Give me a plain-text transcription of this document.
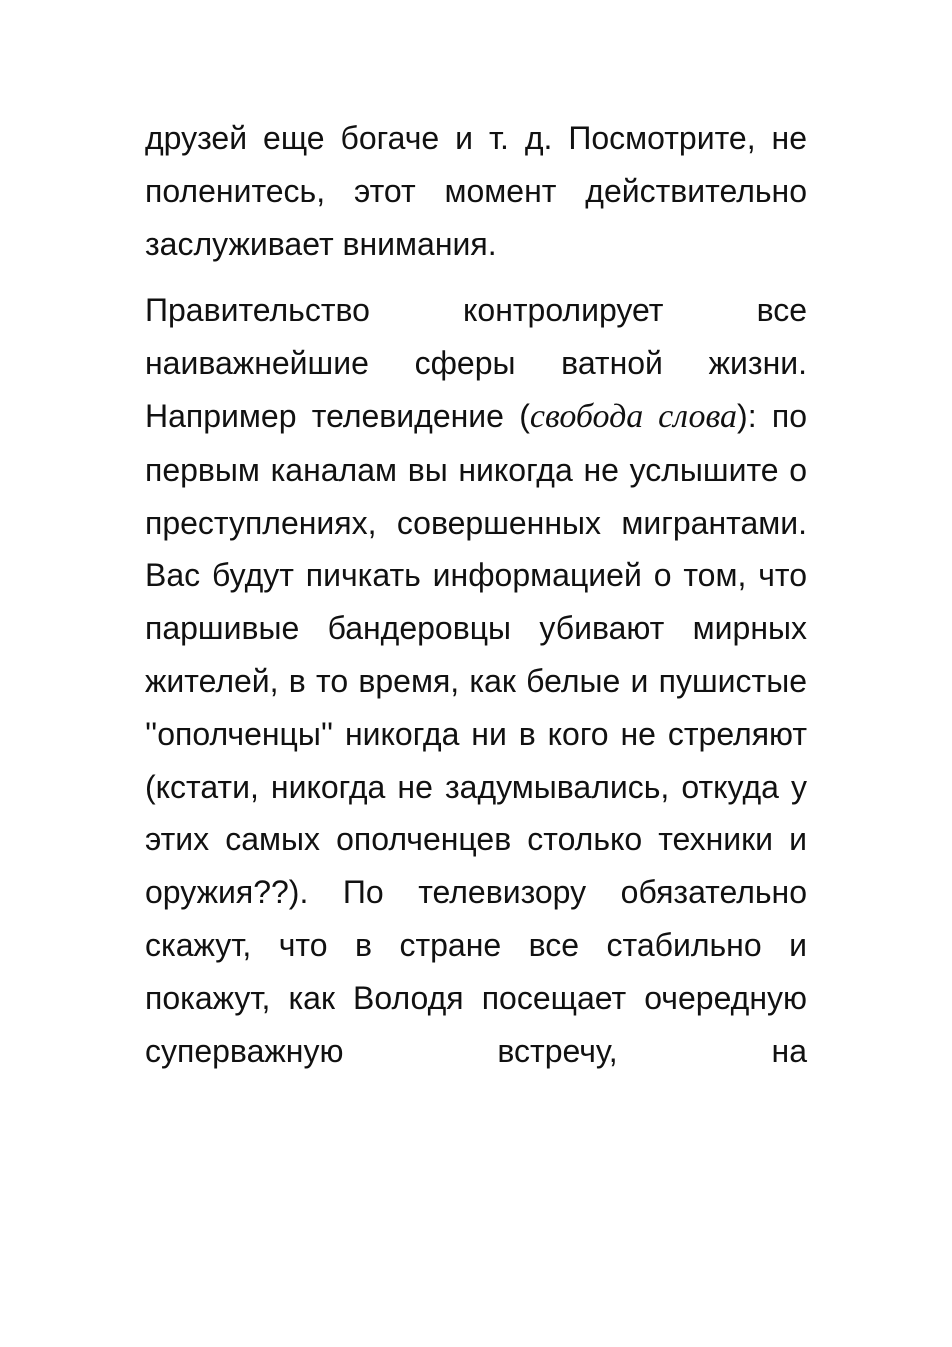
друзей еще богаче и т. д. Посмотрите, не поленитесь, этот момент действительно заслуживает внимания.

Правительство контролирует все наиважнейшие сферы ватной жизни. Например телевидение (свобода слова): по первым каналам вы никогда не услышите о преступлениях, совершенных мигрантами. Вас будут пичкать информацией о том, что паршивые бандеровцы убивают мирных жителей, в то время, как белые и пушистые ''ополченцы'' никогда ни в кого не стреляют (кстати, никогда не задумывались, откуда у этих самых ополченцев столько техники и оружия??). По телевизору обязательно скажут, что в стране все стабильно и покажут, как Володя посещает очередную суперважную встречу, на
